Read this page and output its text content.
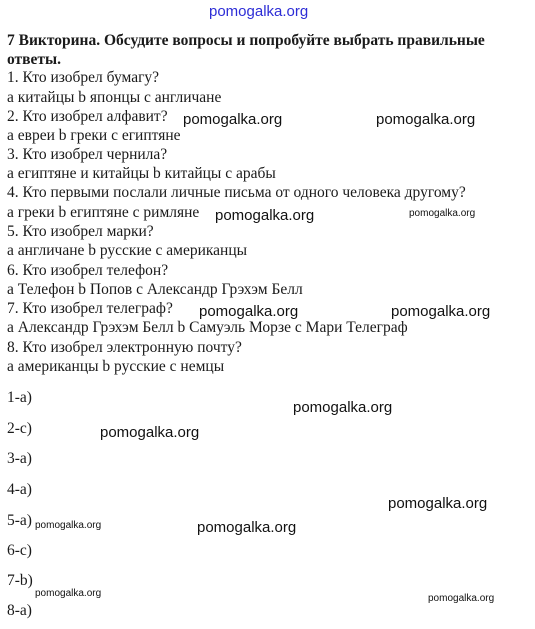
pomogalka.org

7 Викторина. Обсудите вопросы и попробуйте выбрать правильные ответы.

1. Кто изобрел бумагу?
а китайцы b японцы с англичане
2. Кто изобрел алфавит?
а евреи b греки с египтяне
3. Кто изобрел чернила?
а египтяне и китайцы b китайцы с арабы
4. Кто первыми послали личные письма от одного человека другому?
а греки b египтяне с римляне
5. Кто изобрел марки?
а англичане b русские с американцы
6. Кто изобрел телефон?
а Телефон b Попов с Александр Грэхэм Белл
7. Кто изобрел телеграф?
а Александр Грэхэм Белл b Самуэль Морзе с Мари Телеграф
8. Кто изобрел электронную почту?
а американцы b русские с немцы
1-а)
2-с)
3-а)
4-а)
5-а)
6-с)
7-b)
8-а)
pomogalka.org	pomogalka.org
pomogalka.org	pomogalka.org
pomogalka.org	pomogalka.org
pomogalka.org
pomogalka.org
pomogalka.org
pomogalka.org	pomogalka.org
pomogalka.org	pomogalka.org
